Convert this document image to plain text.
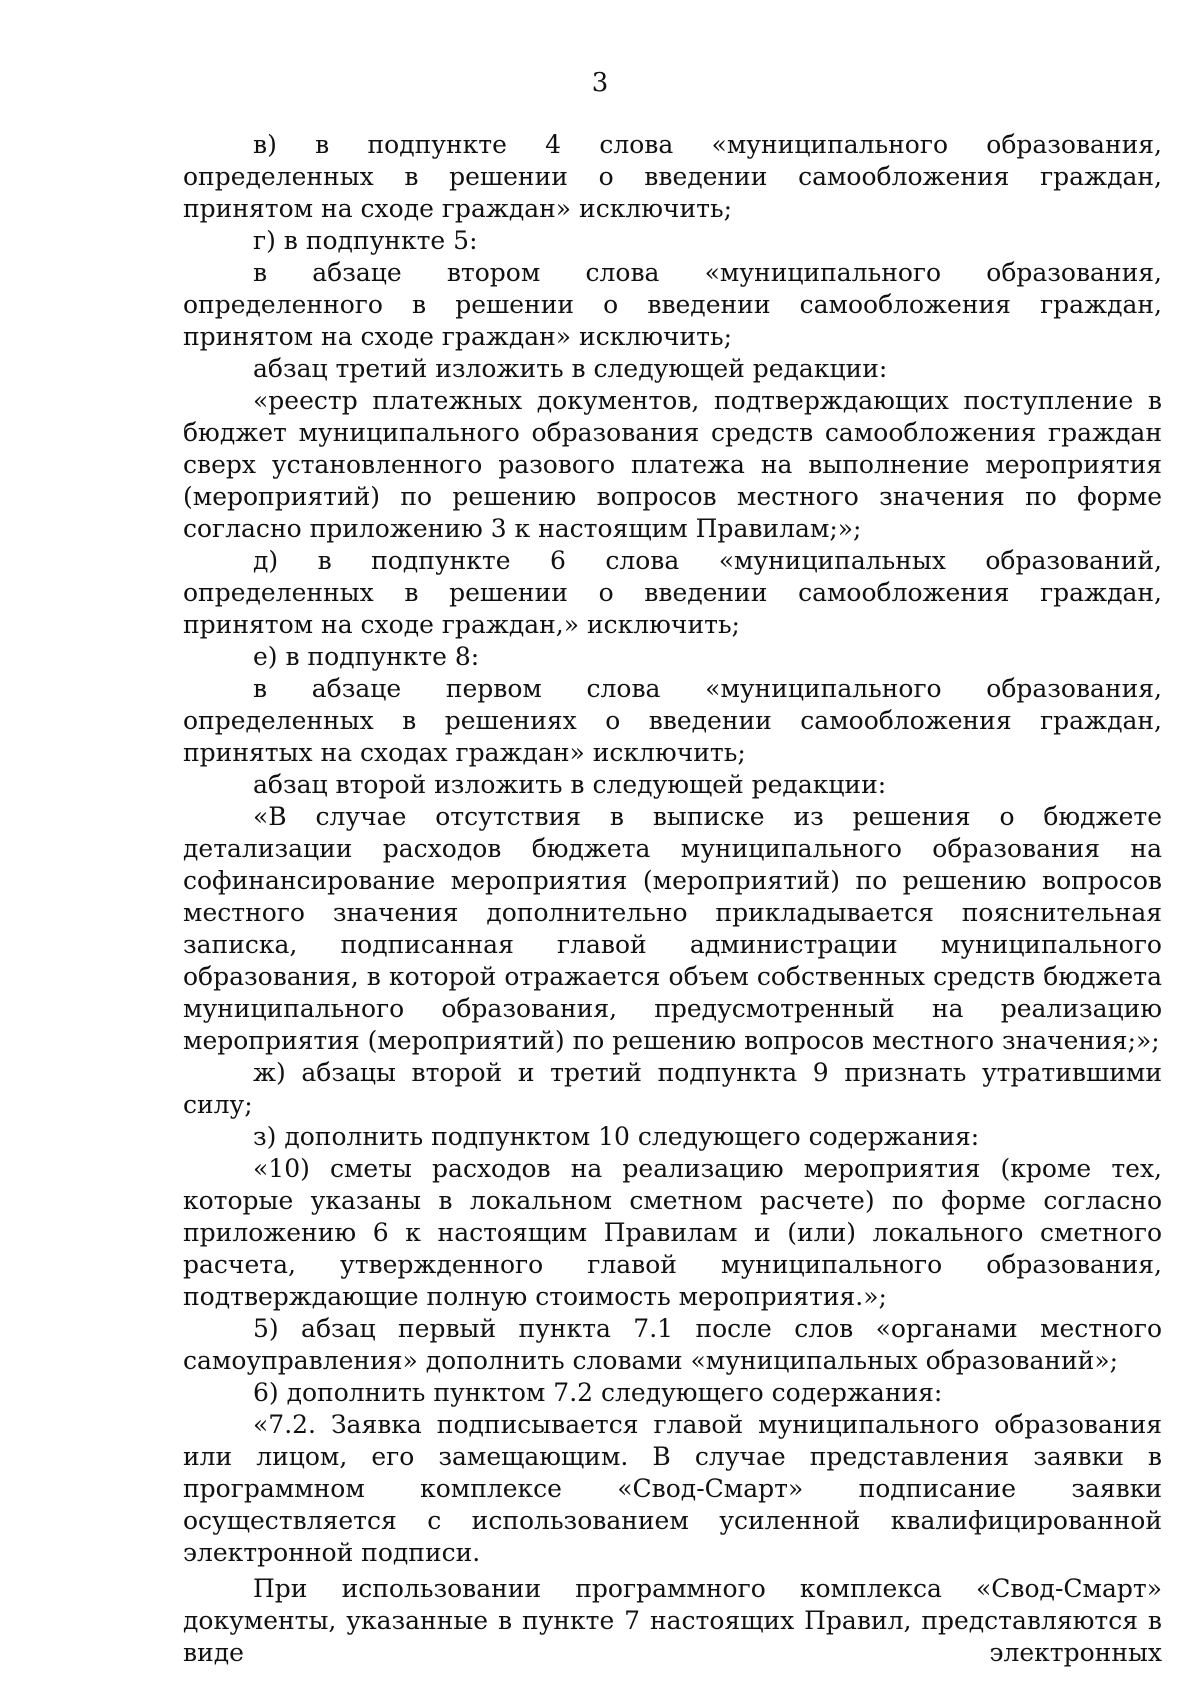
3

в) в подпункте 4 слова «муниципального образования, определенных в решении о введении самообложения граждан, принятом на сходе граждан» исключить;

г) в подпункте 5:

в абзаце втором слова «муниципального образования, определенного в решении о введении самообложения граждан, принятом на сходе граждан» исключить;

абзац третий изложить в следующей редакции:

«реестр платежных документов, подтверждающих поступление в бюджет муниципального образования средств самообложения граждан сверх установленного разового платежа на выполнение мероприятия (мероприятий) по решению вопросов местного значения по форме согласно приложению 3 к настоящим Правилам;»;

д) в подпункте 6 слова «муниципальных образований, определенных в решении о введении самообложения граждан, принятом на сходе граждан,» исключить;

е) в подпункте 8:

в абзаце первом слова «муниципального образования, определенных в решениях о введении самообложения граждан, принятых на сходах граждан» исключить;

абзац второй изложить в следующей редакции:

«В случае отсутствия в выписке из решения о бюджете детализации расходов бюджета муниципального образования на софинансирование мероприятия (мероприятий) по решению вопросов местного значения дополнительно прикладывается пояснительная записка, подписанная главой администрации муниципального образования, в которой отражается объем собственных средств бюджета муниципального образования, предусмотренный на реализацию мероприятия (мероприятий) по решению вопросов местного значения;»;

ж) абзацы второй и третий подпункта 9 признать утратившими силу;

з) дополнить подпунктом 10 следующего содержания:

«10) сметы расходов на реализацию мероприятия (кроме тех, которые указаны в локальном сметном расчете) по форме согласно приложению 6 к настоящим Правилам и (или) локального сметного расчета, утвержденного главой муниципального образования, подтверждающие полную стоимость мероприятия.»;

5) абзац первый пункта 7.1 после слов «органами местного самоуправления» дополнить словами «муниципальных образований»;

6) дополнить пунктом 7.2 следующего содержания:

«7.2. Заявка подписывается главой муниципального образования или лицом, его замещающим. В случае представления заявки в программном комплексе «Свод-Смарт» подписание заявки осуществляется с использованием усиленной квалифицированной электронной подписи.

При использовании программного комплекса «Свод-Смарт» документы, указанные в пункте 7 настоящих Правил, представляются в виде электронных
